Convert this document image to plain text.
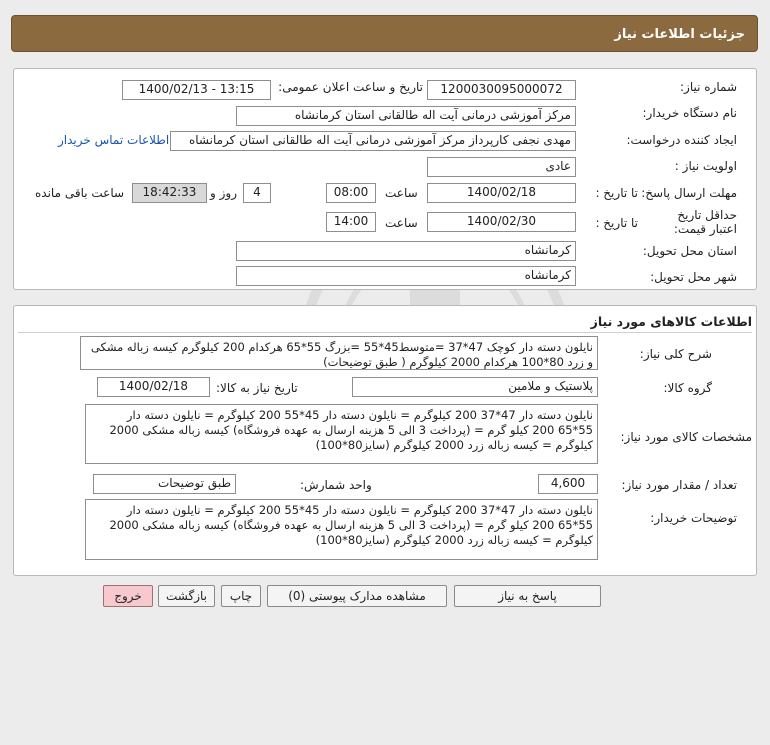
جزئیات اطلاعات نیاز
شماره نیاز:
1200030095000072
تاریخ و ساعت اعلان عمومی:
1400/02/13 - 13:15
نام دستگاه خریدار:
مرکز آموزشی درمانی آیت اله طالقانی استان کرمانشاه
ایجاد کننده درخواست:
مهدی نجفی کارپرداز مرکز آموزشی درمانی آیت اله طالقانی استان کرمانشاه
اطلاعات تماس خریدار
اولویت نیاز :
عادی
مهلت ارسال پاسخ:
تا تاریخ :
1400/02/18
ساعت
08:00
4
روز و
18:42:33
ساعت باقی مانده
حداقل تاریخ اعتبار قیمت:
تا تاریخ :
1400/02/30
ساعت
14:00
استان محل تحویل:
کرمانشاه
شهر محل تحویل:
کرمانشاه
اطلاعات کالاهای مورد نیاز
شرح کلی نیاز:
نایلون دسته دار کوچک 47*37 =متوسط45*55 =بزرگ 55*65 هرکدام 200 کیلوگرم کیسه زباله مشکی و زرد 80*100 هرکدام 2000 کیلوگرم ( طبق توضیحات)
گروه کالا:
پلاستیک و ملامین
تاریخ نیاز به کالا:
1400/02/18
مشخصات کالای مورد نیاز:
نایلون دسته دار 47*37 200 کیلوگرم = نایلون دسته دار 45*55 200 کیلوگرم = نایلون دسته دار 55*65 200 کیلو گرم = (پرداخت 3 الی 5 هزینه ارسال به عهده فروشگاه) کیسه زباله مشکی 2000 کیلوگرم = کیسه زباله زرد 2000 کیلوگرم (سایز80*100)
تعداد / مقدار مورد نیاز:
4,600
واحد شمارش:
طبق توضیحات
توضیحات خریدار:
نایلون دسته دار 47*37 200 کیلوگرم = نایلون دسته دار 45*55 200 کیلوگرم = نایلون دسته دار 55*65 200 کیلو گرم = (پرداخت 3 الی 5 هزینه ارسال به عهده فروشگاه) کیسه زباله مشکی 2000 کیلوگرم = کیسه زباله زرد 2000 کیلوگرم (سایز80*100)
پاسخ به نیاز
مشاهده مدارک پیوستی (0)
چاپ
بازگشت
خروج
